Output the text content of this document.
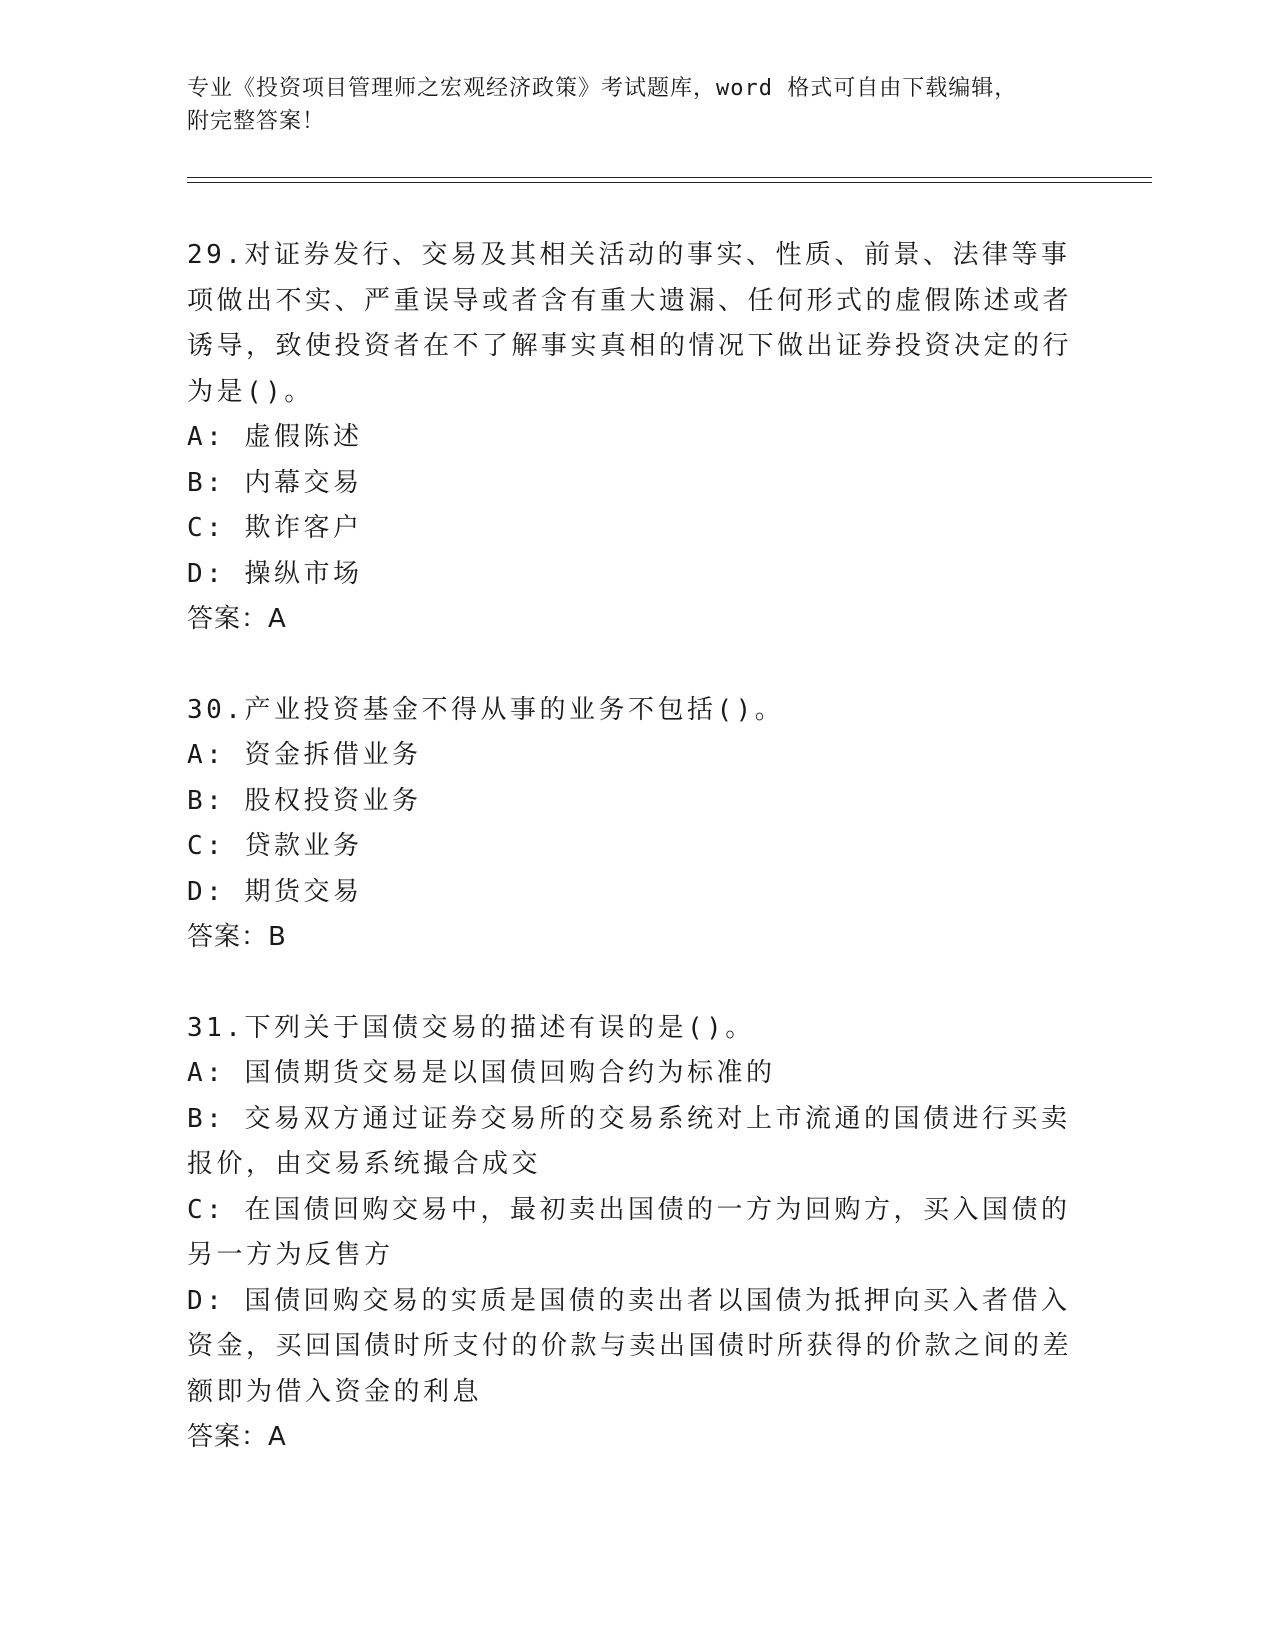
专业《投资项目管理师之宏观经济政策》考试题库，word 格式可自由下载编辑，
附完整答案！

29.对证券发行、交易及其相关活动的事实、性质、前景、法律等事项做出不实、严重误导或者含有重大遗漏、任何形式的虚假陈述或者诱导，致使投资者在不了解事实真相的情况下做出证券投资决定的行为是()。

A: 虚假陈述

B: 内幕交易

C: 欺诈客户

D: 操纵市场

答案：A

30.产业投资基金不得从事的业务不包括()。

A: 资金拆借业务

B: 股权投资业务

C: 贷款业务

D: 期货交易

答案：B

31.下列关于国债交易的描述有误的是()。

A: 国债期货交易是以国债回购合约为标准的

B: 交易双方通过证券交易所的交易系统对上市流通的国债进行买卖报价，由交易系统撮合成交

C: 在国债回购交易中，最初卖出国债的一方为回购方，买入国债的另一方为反售方

D: 国债回购交易的实质是国债的卖出者以国债为抵押向买入者借入资金，买回国债时所支付的价款与卖出国债时所获得的价款之间的差额即为借入资金的利息

答案：A
